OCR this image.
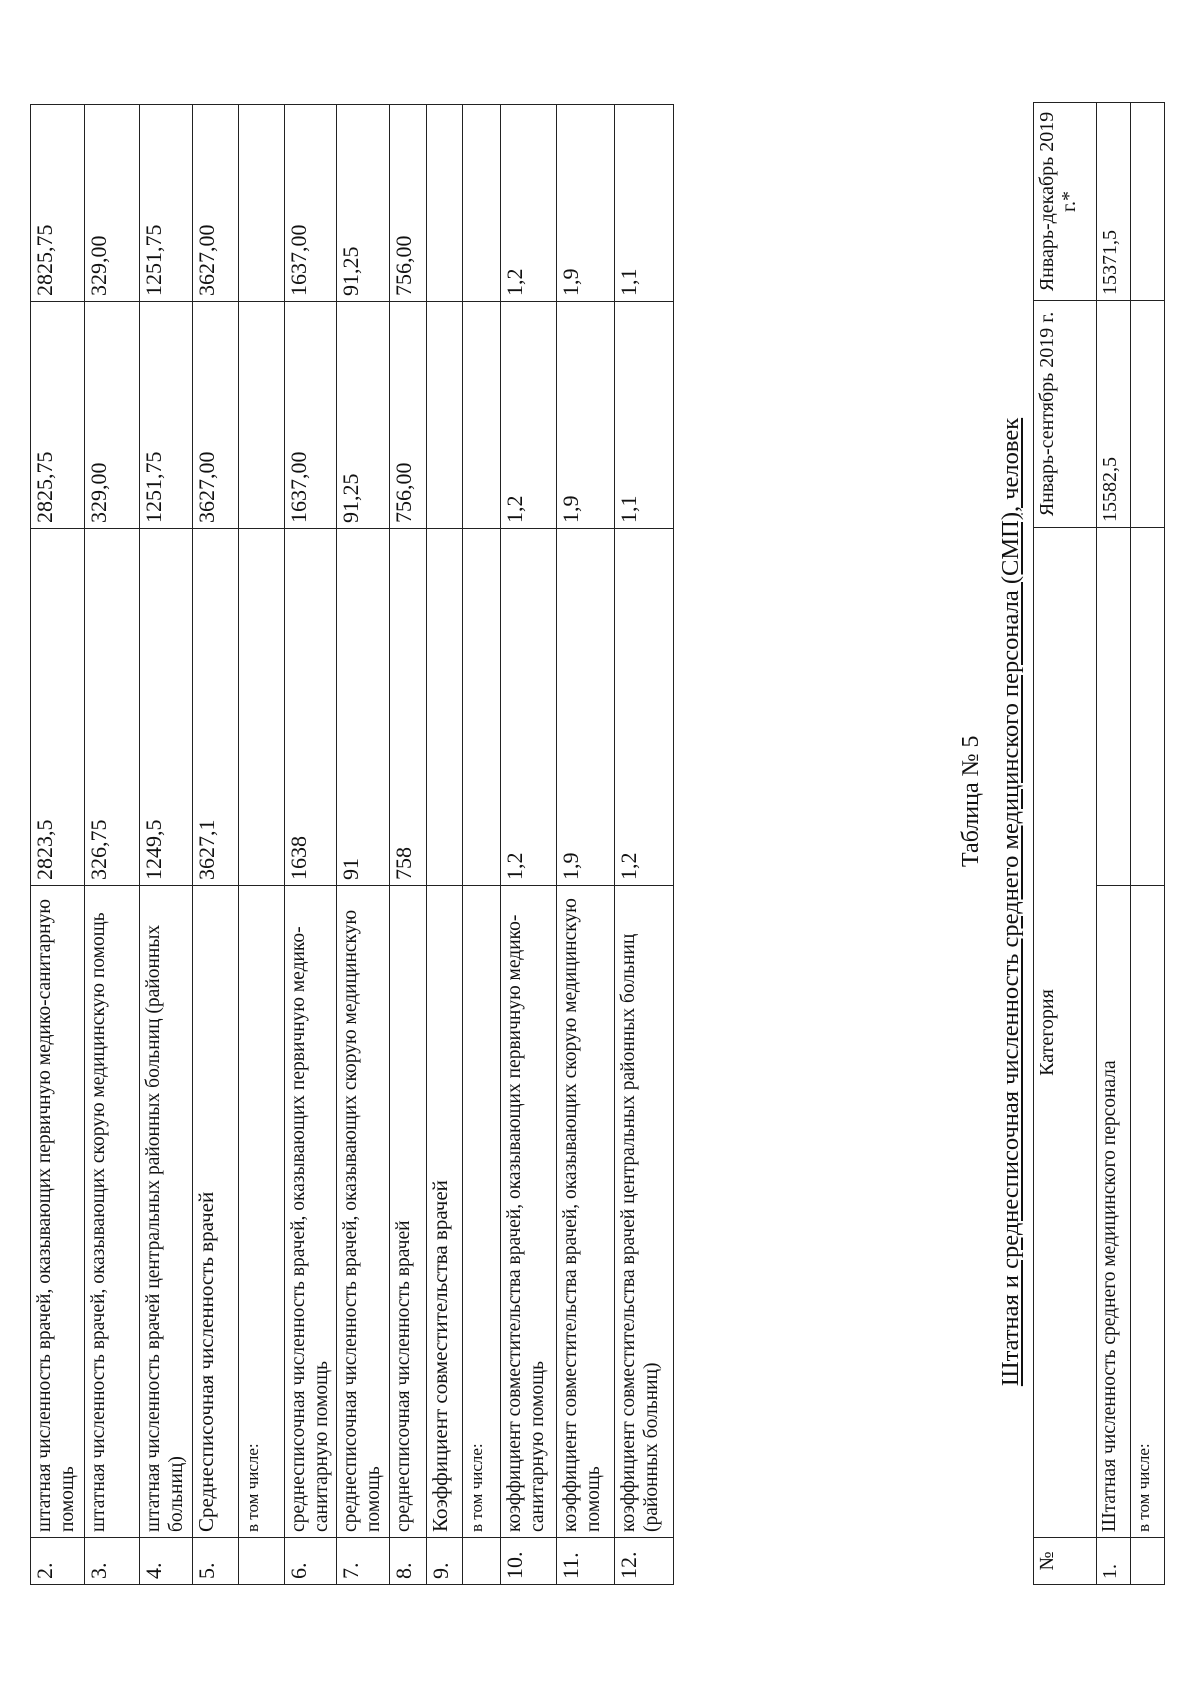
2.	штатная численность врачей, оказывающих первичную медико-санитарную помощь	2823,5	2825,75	2825,75
3.	штатная численность врачей, оказывающих скорую медицинскую помощь	326,75	329,00	329,00
4.	штатная численность врачей центральных районных больниц (районных больниц)	1249,5	1251,75	1251,75
5.	Среднесписочная численность врачей	3627,1	3627,00	3627,00
	в том числе:			
6.	среднесписочная численность врачей, оказывающих первичную медико-санитарную помощь	1638	1637,00	1637,00
7.	среднесписочная численность врачей, оказывающих скорую медицинскую помощь	91	91,25	91,25
8.	среднесписочная численность врачей	758	756,00	756,00
9.	Коэффициент совместительства врачей			
	в том числе:			
10.	коэффициент совместительства врачей, оказывающих первичную медико-санитарную помощь	1,2	1,2	1,2
11.	коэффициент совместительства врачей, оказывающих скорую медицинскую помощь	1,9	1,9	1,9
12.	коэффициент совместительства врачей центральных районных больниц (районных больниц)	1,2	1,1	1,1
Таблица № 5 Штатная и среднесписочная численность среднего медицинского персонала (СМП), человек
№	Категория		Январь-сентябрь 2019 г.	Январь-декабрь 2019 г.*
1.	Штатная численность среднего медицинского персонала		15582,5	15371,5
	в том числе:			
